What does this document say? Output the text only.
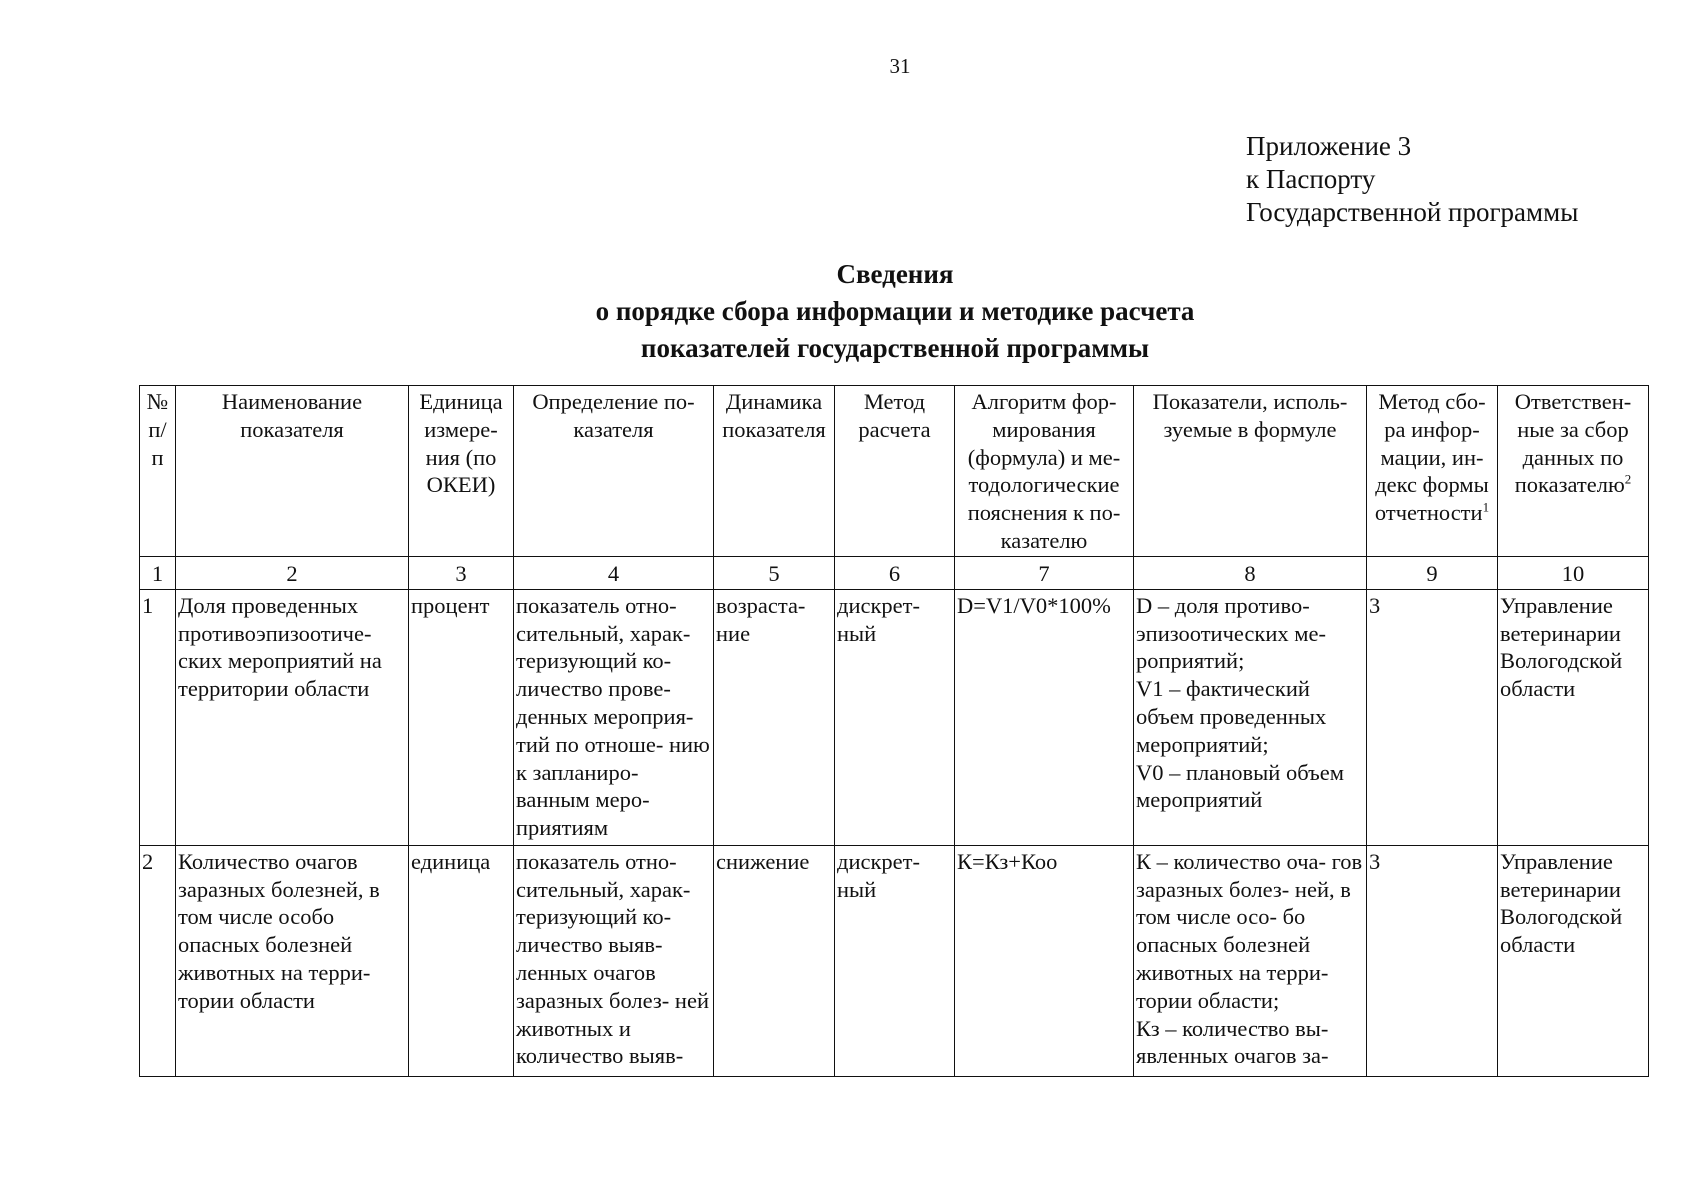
31
Приложение 3
к Паспорту
Государственной программы
Сведения
о порядке сбора информации и методике расчета
показателей государственной программы
№ п/ п	Наименование показателя	Единица измере- ния (по ОКЕИ)	Определение по- казателя	Динамика показателя	Метод расчета	Алгоритм фор- мирования (формула) и ме- тодологические пояснения к по- казателю	Показатели, исполь- зуемые в формуле	Метод сбо- ра инфор- мации, ин- декс формы отчетности$^1$	Ответствен- ные за сбор данных по показателю$^2$
1	2	3	4	5	6	7	8	9	10
1	Доля проведенных противоэпизоотиче- ских мероприятий на территории области	процент	показатель отно- сительный, харак- теризующий ко- личество прове- денных мероприя- тий по отноше- нию к запланиро- ванным меро- приятиям	возраста- ние	дискрет- ный	D=V1/V0*100%	D – доля противо- эпизоотических ме- роприятий;
V1 – фактический объем проведенных мероприятий;
V0 – плановый объем мероприятий	3	Управление ветеринарии Вологодской области
2	Количество очагов заразных болезней, в том числе особо опасных болезней животных на терри- тории области	единица	показатель отно- сительный, харак- теризующий ко- личество выяв- ленных очагов заразных болез- ней животных и количество выяв-	снижение	дискрет- ный	К=Кз+Коо	К – количество оча- гов заразных болез- ней, в том числе осо- бо опасных болезней животных на терри- тории области;
Кз – количество вы- явленных очагов за-	3	Управление ветеринарии Вологодской области
